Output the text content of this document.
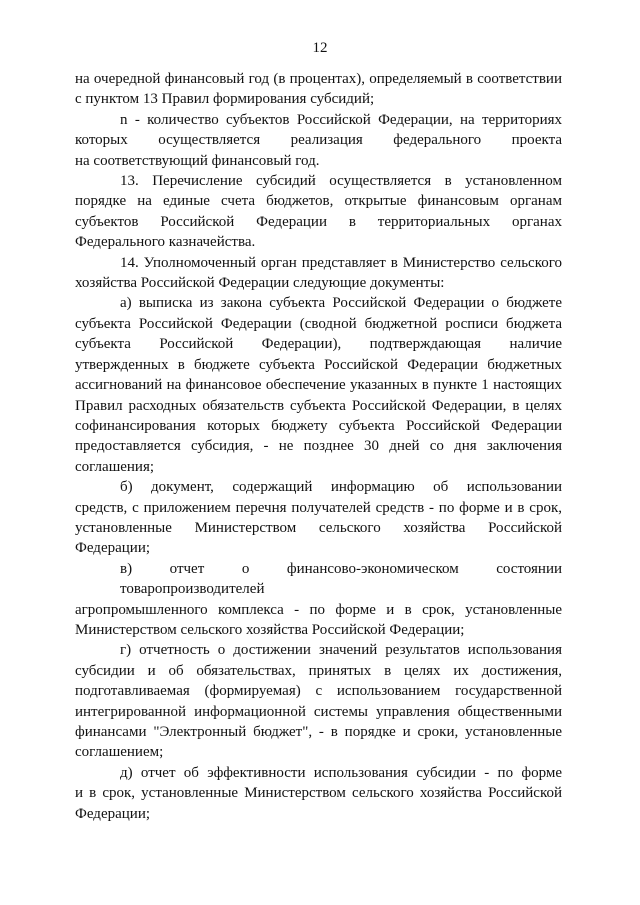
12
на очередной финансовый год (в процентах), определяемый в соответствии
с пунктом 13 Правил формирования субсидий;
n - количество субъектов Российской Федерации, на территориях
которых осуществляется реализация федерального проекта
на соответствующий финансовый год.
13. Перечисление субсидий осуществляется в установленном
порядке на единые счета бюджетов, открытые финансовым органам
субъектов Российской Федерации в территориальных органах
Федерального казначейства.
14. Уполномоченный орган представляет в Министерство сельского
хозяйства Российской Федерации следующие документы:
а) выписка из закона субъекта Российской Федерации о бюджете
субъекта Российской Федерации (сводной бюджетной росписи бюджета
субъекта Российской Федерации), подтверждающая наличие
утвержденных в бюджете субъекта Российской Федерации бюджетных
ассигнований на финансовое обеспечение указанных в пункте 1 настоящих
Правил расходных обязательств субъекта Российской Федерации, в целях
софинансирования которых бюджету субъекта Российской Федерации
предоставляется субсидия, - не позднее 30 дней со дня заключения
соглашения;
б) документ, содержащий информацию об использовании
средств, с приложением перечня получателей средств - по форме и в срок,
установленные Министерством сельского хозяйства Российской
Федерации;
в) отчет о финансово-экономическом состоянии товаропроизводителей
агропромышленного комплекса - по форме и в срок, установленные
Министерством сельского хозяйства Российской Федерации;
г) отчетность о достижении значений результатов использования
субсидии и об обязательствах, принятых в целях их достижения,
подготавливаемая (формируемая) с использованием государственной
интегрированной информационной системы управления общественными
финансами "Электронный бюджет", - в порядке и сроки, установленные
соглашением;
д) отчет об эффективности использования субсидии - по форме
и в срок, установленные Министерством сельского хозяйства Российской
Федерации;
